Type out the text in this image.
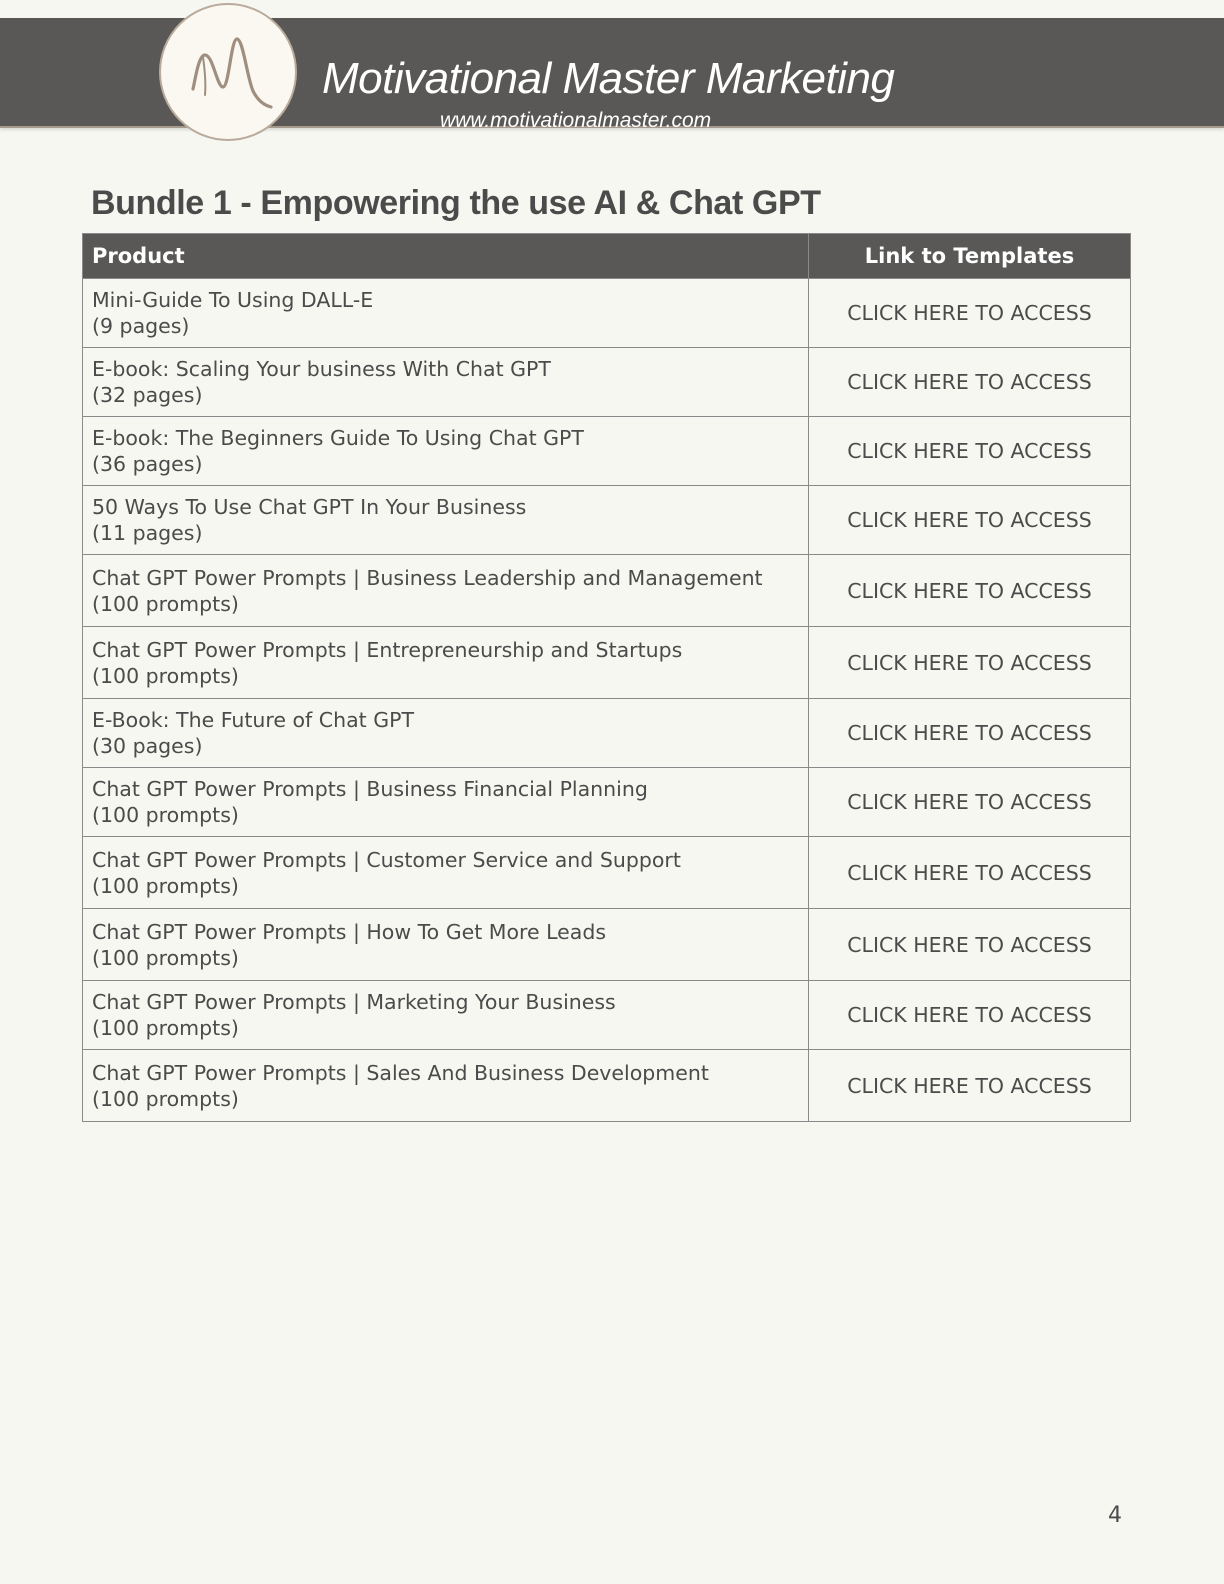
Motivational Master Marketing
www.motivationalmaster.com
Bundle 1 - Empowering the use AI & Chat GPT
Product	Link to Templates

Mini-Guide To Using DALL-E
(9 pages)	CLICK HERE TO ACCESS

E-book: Scaling Your business With Chat GPT
(32 pages)	CLICK HERE TO ACCESS

E-book: The Beginners Guide To Using Chat GPT
(36 pages)	CLICK HERE TO ACCESS

50 Ways To Use Chat GPT In Your Business
(11 pages)	CLICK HERE TO ACCESS

Chat GPT Power Prompts | Business Leadership and Management
(100 prompts)	CLICK HERE TO ACCESS

Chat GPT Power Prompts | Entrepreneurship and Startups
(100 prompts)	CLICK HERE TO ACCESS

E-Book: The Future of Chat GPT
(30 pages)	CLICK HERE TO ACCESS

Chat GPT Power Prompts | Business Financial Planning
(100 prompts)	CLICK HERE TO ACCESS

Chat GPT Power Prompts | Customer Service and Support
(100 prompts)	CLICK HERE TO ACCESS

Chat GPT Power Prompts | How To Get More Leads
(100 prompts)	CLICK HERE TO ACCESS

Chat GPT Power Prompts | Marketing Your Business
(100 prompts)	CLICK HERE TO ACCESS

Chat GPT Power Prompts | Sales And Business Development
(100 prompts)	CLICK HERE TO ACCESS
4
